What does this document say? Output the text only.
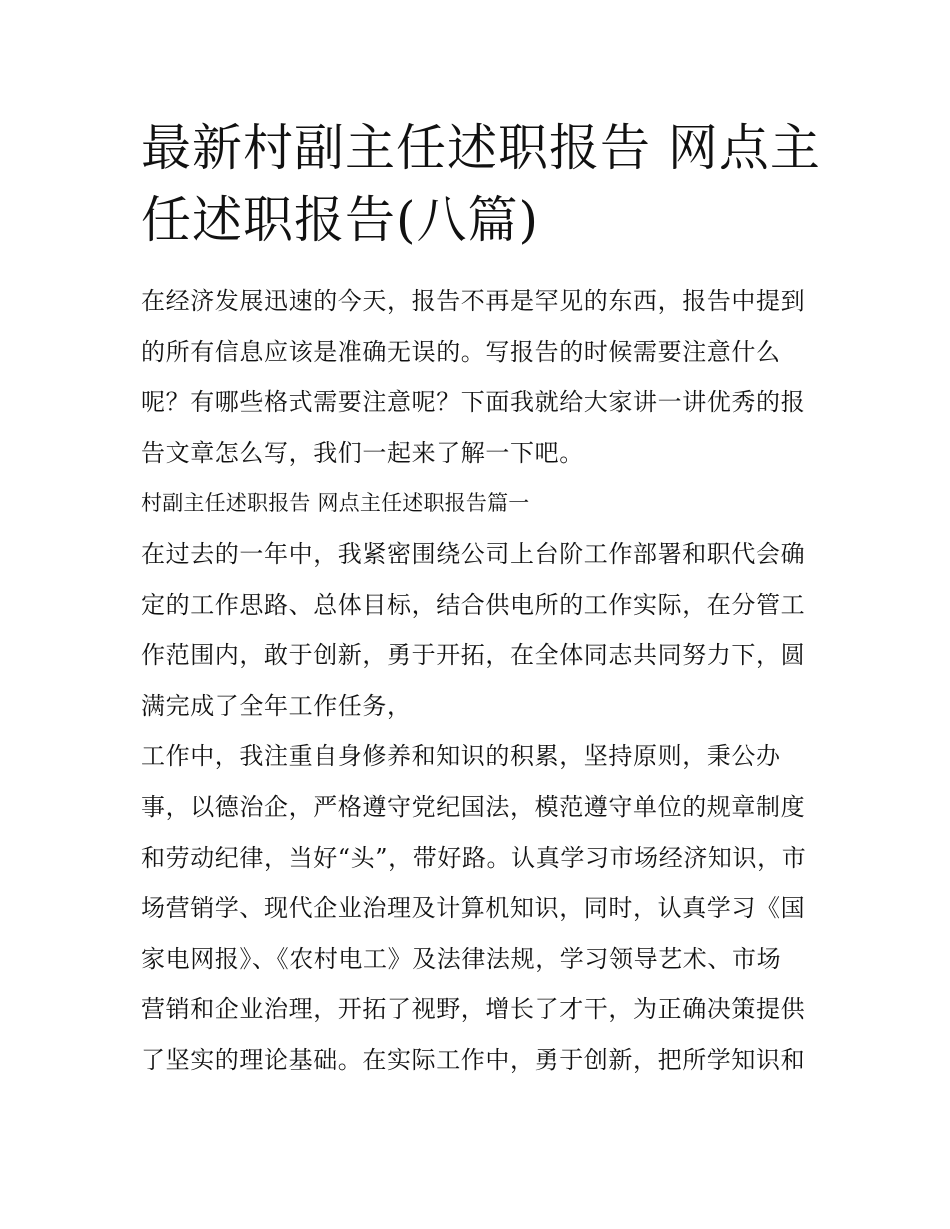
最新村副主任述职报告 网点主
任述职报告(八篇)
在经济发展迅速的今天，报告不再是罕见的东西，报告中提到
的所有信息应该是准确无误的。写报告的时候需要注意什么
呢？有哪些格式需要注意呢？下面我就给大家讲一讲优秀的报
告文章怎么写，我们一起来了解一下吧。
村副主任述职报告 网点主任述职报告篇一
在过去的一年中，我紧密围绕公司上台阶工作部署和职代会确
定的工作思路、总体目标，结合供电所的工作实际，在分管工
作范围内，敢于创新，勇于开拓，在全体同志共同努力下，圆
满完成了全年工作任务，
工作中，我注重自身修养和知识的积累，坚持原则，秉公办
事，以德治企，严格遵守党纪国法，模范遵守单位的规章制度
和劳动纪律，当好“头”，带好路。认真学习市场经济知识，市
场营销学、现代企业治理及计算机知识，同时，认真学习《国
家电网报》、《农村电工》及法律法规，学习领导艺术、市场
营销和企业治理，开拓了视野，增长了才干，为正确决策提供
了坚实的理论基础。在实际工作中，勇于创新，把所学知识和
